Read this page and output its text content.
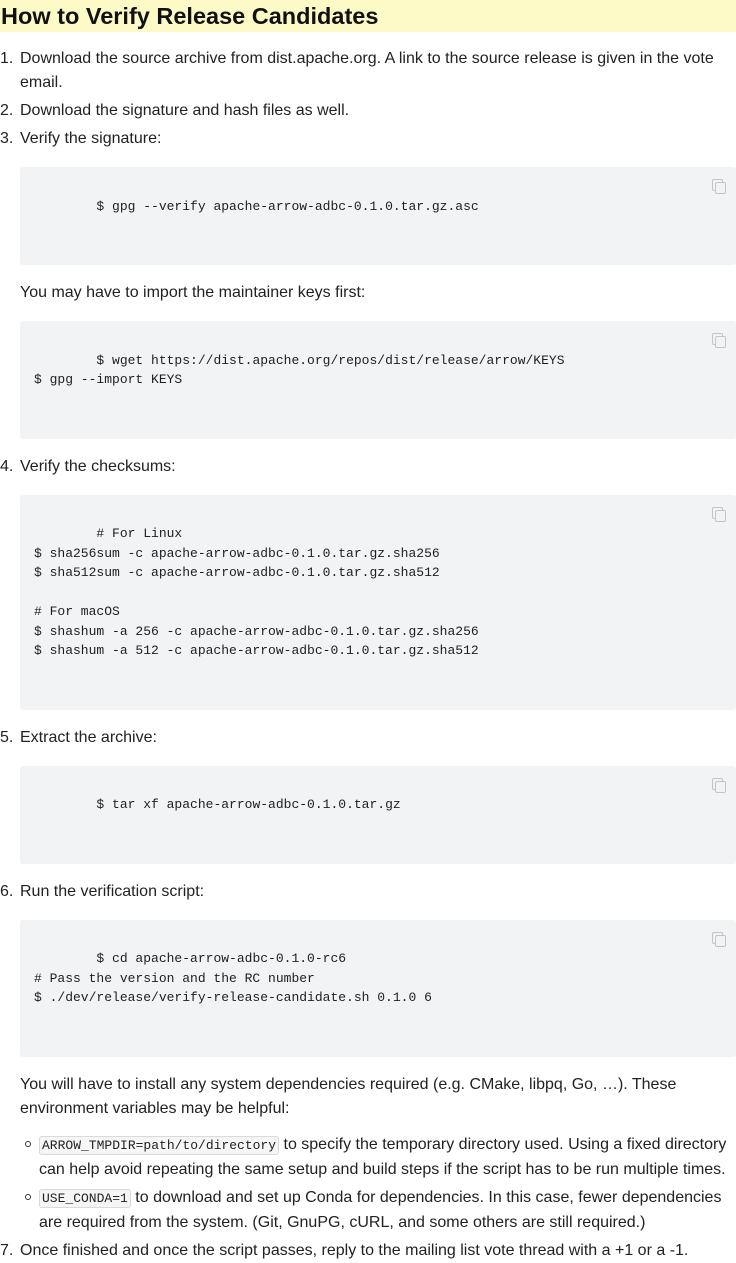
How to Verify Release Candidates
1 . Download the source archive from dist.apache.org. A link to the source release is given in the vote email.

2 . Download the signature and hash files as well.

3 . Verify the signature:

$ gpg --verify apache-arrow-adbc-0.1.0.tar.gz.asc

You may have to import the maintainer keys first:

$ wget https://dist.apache.org/repos/dist/release/arrow/KEYS
$ gpg --import KEYS

4 . Verify the checksums:

# For Linux
$ sha256sum -c apache-arrow-adbc-0.1.0.tar.gz.sha256
$ sha512sum -c apache-arrow-adbc-0.1.0.tar.gz.sha512

# For macOS
$ shashum -a 256 -c apache-arrow-adbc-0.1.0.tar.gz.sha256
$ shashum -a 512 -c apache-arrow-adbc-0.1.0.tar.gz.sha512

5 . Extract the archive:

$ tar xf apache-arrow-adbc-0.1.0.tar.gz

6 . Run the verification script:

$ cd apache-arrow-adbc-0.1.0-rc6
# Pass the version and the RC number
$ ./dev/release/verify-release-candidate.sh 0.1.0 6

You will have to install any system dependencies required (e.g. CMake, libpq, Go, …). These environment variables may be helpful:

ARROW_TMPDIR=path/to/directory to specify the temporary directory used. Using a fixed directory can help avoid repeating the same setup and build steps if the script has to be run multiple times.
USE_CONDA=1 to download and set up Conda for dependencies. In this case, fewer dependencies are required from the system. (Git, GnuPG, cURL, and some others are still required.)
7 . Once finished and once the script passes, reply to the mailing list vote thread with a +1 or a -1.
